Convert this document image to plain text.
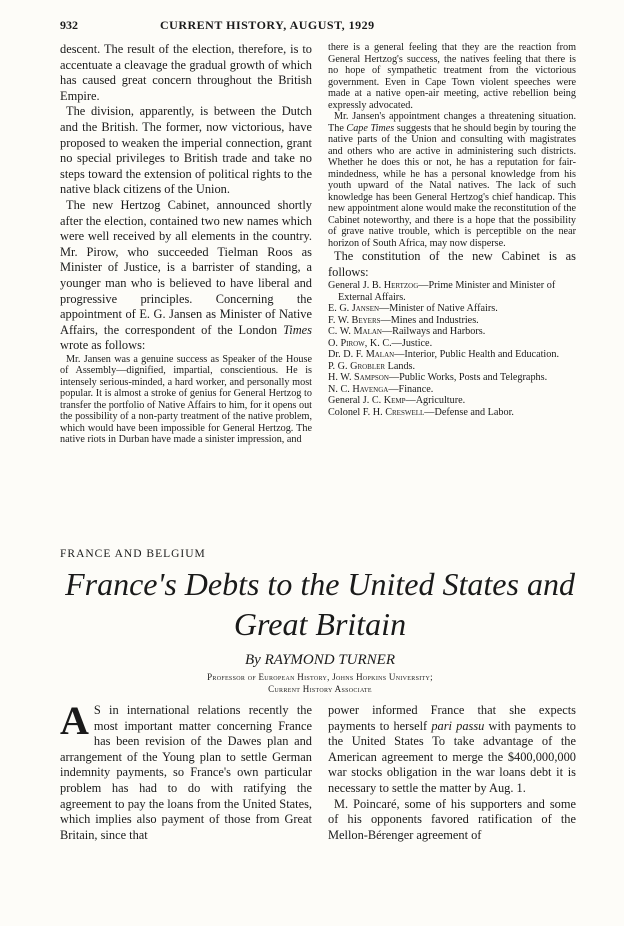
932	CURRENT HISTORY, AUGUST, 1929

descent. The result of the election, therefore, is to accentuate a cleavage the gradual growth of which has caused great concern throughout the British Empire.

The division, apparently, is between the Dutch and the British. The former, now victorious, have proposed to weaken the imperial connection, grant no special privileges to British trade and take no steps toward the extension of political rights to the native black citizens of the Union.

The new Hertzog Cabinet, announced shortly after the election, contained two new names which were well received by all elements in the country. Mr. Pirow, who succeeded Tielman Roos as Minister of Justice, is a barrister of standing, a younger man who is believed to have liberal and progressive principles. Concerning the appointment of E. G. Jansen as Minister of Native Affairs, the correspondent of the London Times wrote as follows:

Mr. Jansen was a genuine success as Speaker of the House of Assembly—dignified, impartial, conscientious. He is intensely serious-minded, a hard worker, and personally most popular. It is almost a stroke of genius for General Hertzog to transfer the portfolio of Native Affairs to him, for it opens out the possibility of a non-party treatment of the native problem, which would have been impossible for General Hertzog. The native riots in Durban have made a sinister impression, and

there is a general feeling that they are the reaction from General Hertzog's success, the natives feeling that there is no hope of sympathetic treatment from the victorious government. Even in Cape Town violent speeches were made at a native open-air meeting, active rebellion being expressly advocated.

Mr. Jansen's appointment changes a threatening situation. The Cape Times suggests that he should begin by touring the native parts of the Union and consulting with magistrates and others who are active in administering such districts. Whether he does this or not, he has a reputation for fair-mindedness, while he has a personal knowledge from his youth upward of the Natal natives. The lack of such knowledge has been General Hertzog's chief handicap. This new appointment alone would make the reconstitution of the Cabinet noteworthy, and there is a hope that the possibility of grave native trouble, which is perceptible on the near horizon of South Africa, may now disperse.

The constitution of the new Cabinet is as follows:

General J. B. Hertzog—Prime Minister and Minister of External Affairs.
E. G. Jansen—Minister of Native Affairs.
F. W. Beyers—Mines and Industries.
C. W. Malan—Railways and Harbors.
O. Pirow, K. C.—Justice.
Dr. D. F. Malan—Interior, Public Health and Education.
P. G. Grobler Lands.
H. W. Sampson—Public Works, Posts and Telegraphs.
N. C. Havenga—Finance.
General J. C. Kemp—Agriculture.
Colonel F. H. Creswell—Defense and Labor.
FRANCE AND BELGIUM
France's Debts to the United States and Great Britain
By RAYMOND TURNER
Professor of European History, Johns Hopkins University;
Current History Associate

A S in international relations recently the most important matter concerning France has been revision of the Dawes plan and arrangement of the Young plan to settle German indemnity payments, so France's own particular problem has had to do with ratifying the agreement to pay the loans from the United States, which implies also payment of those from Great Britain, since that

power informed France that she expects payments to herself pari passu with payments to the United States To take advantage of the American agreement to merge the $400,000,000 war stocks obligation in the war loans debt it is necessary to settle the matter by Aug. 1.

M. Poincaré, some of his supporters and some of his opponents favored ratification of the Mellon-Bérenger agreement of
